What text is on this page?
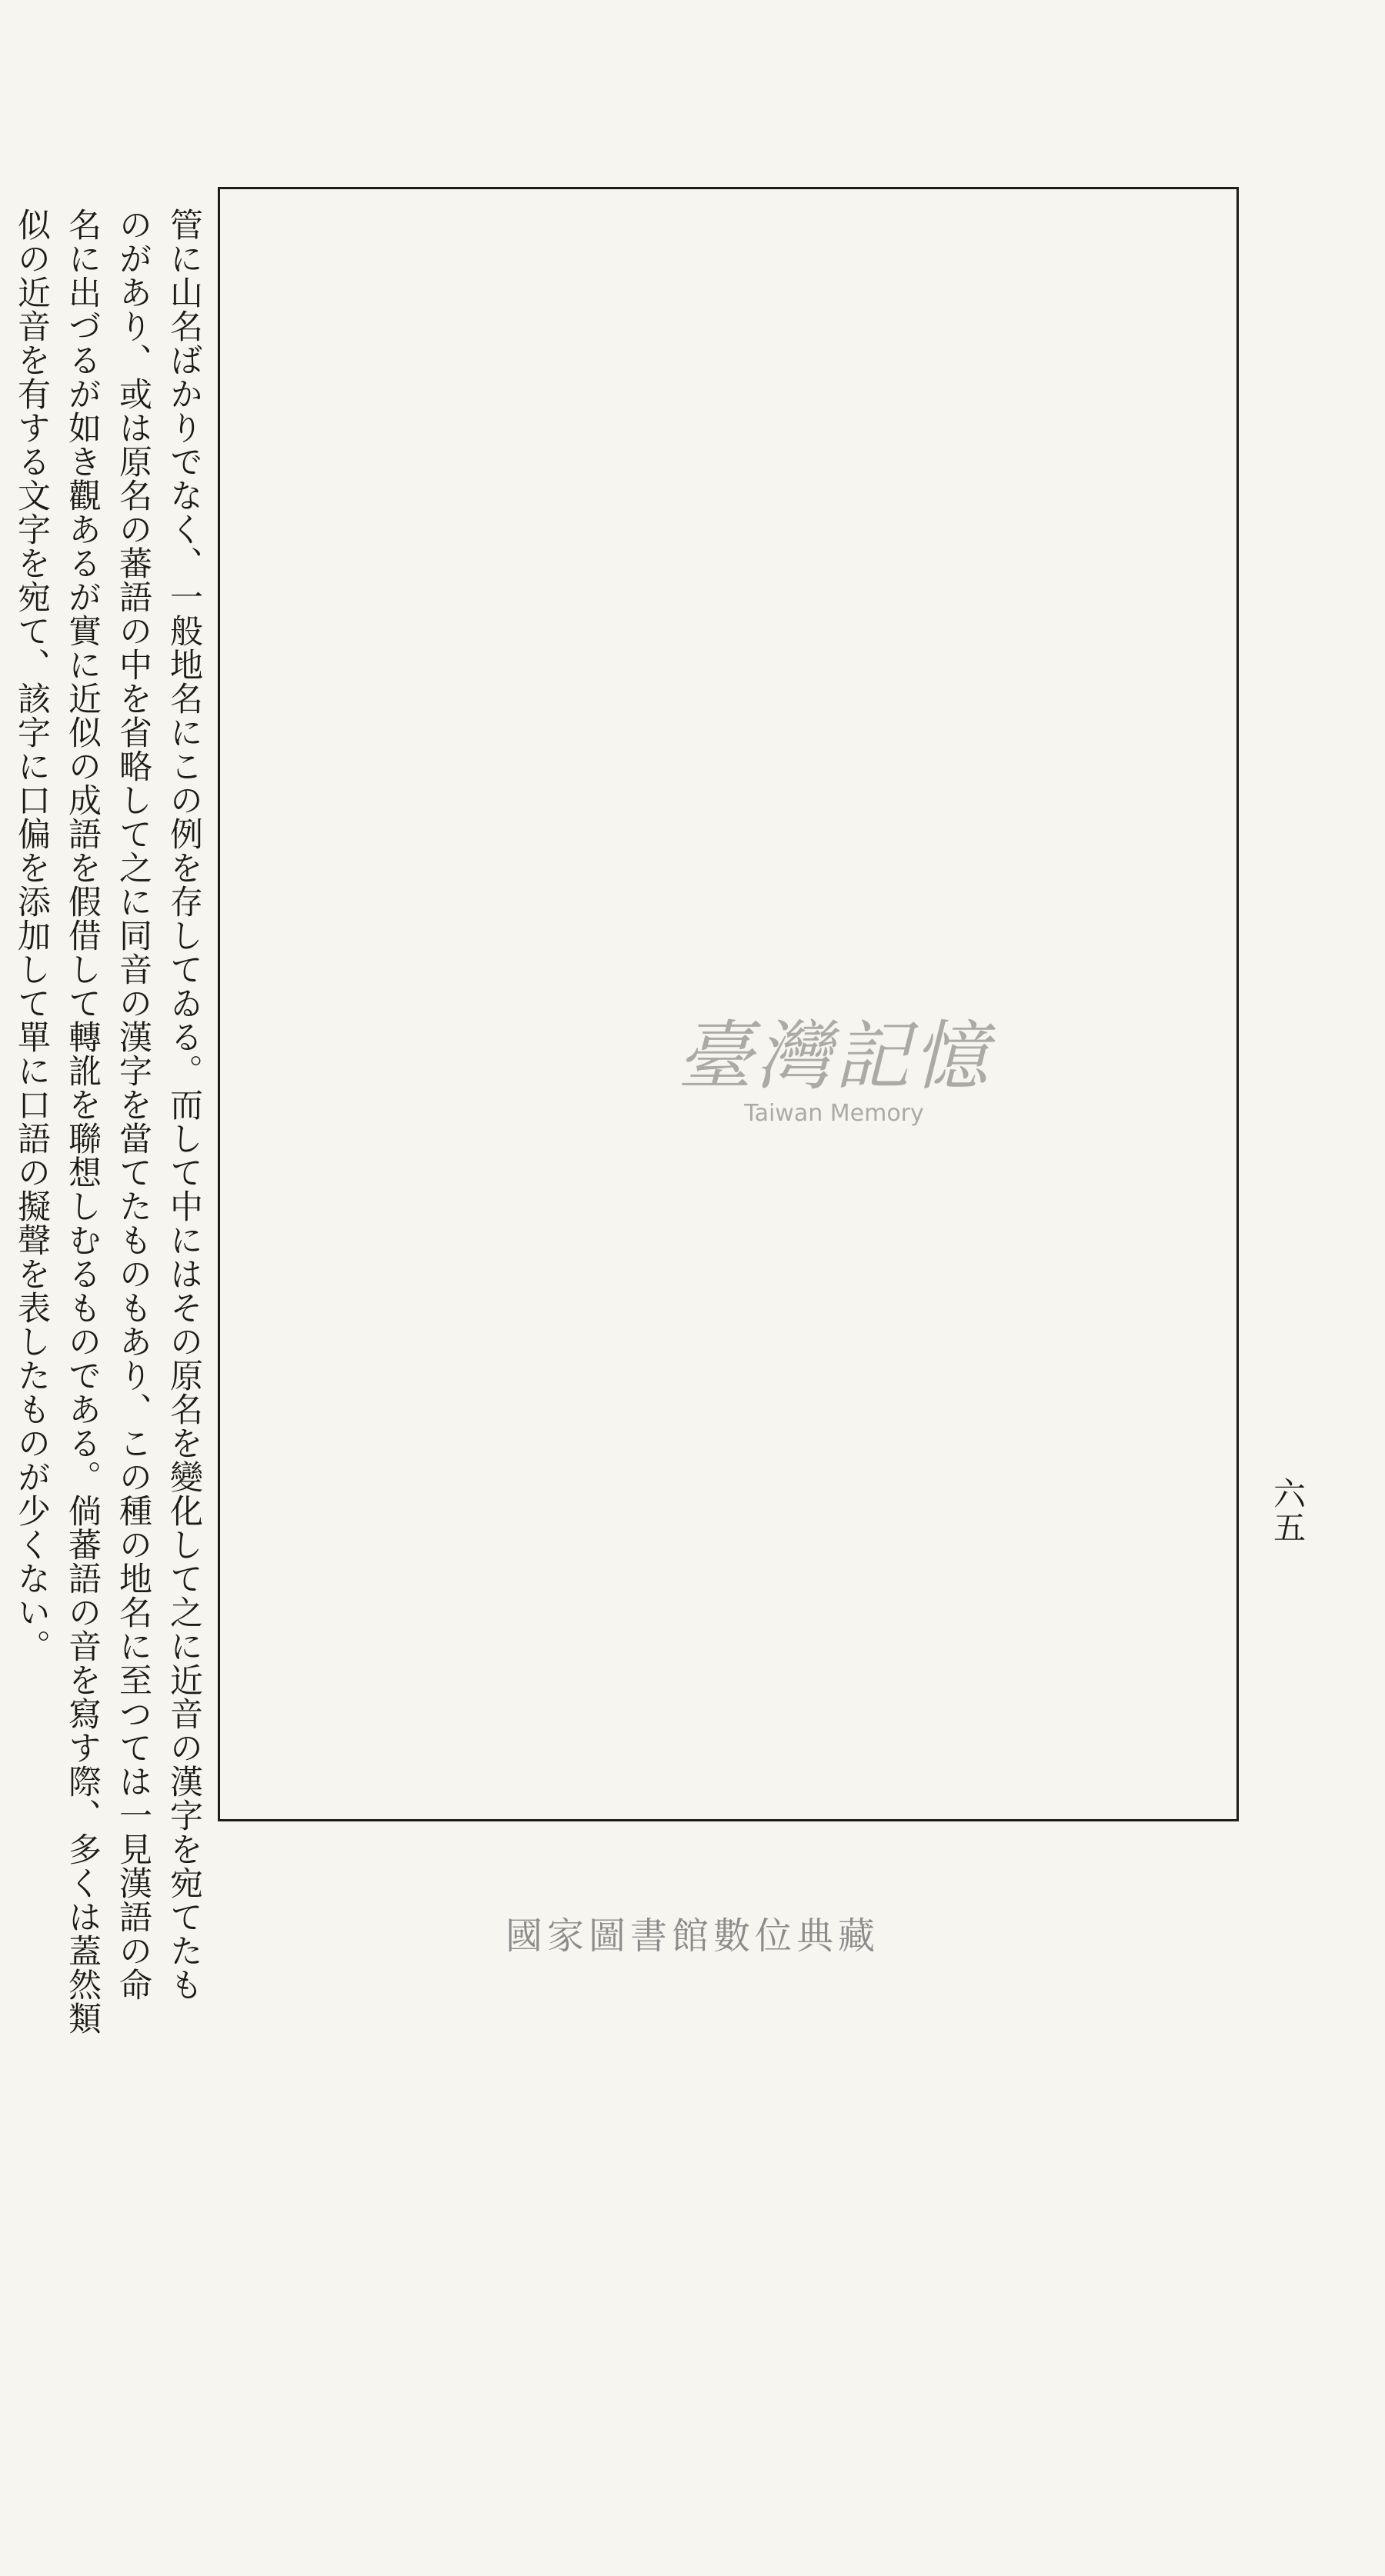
管に山名ばかりでなく、一般地名にこの例を存してゐる。而して中にはその原名を變化して之に近音の漢字を宛てたも
のがあり、或は原名の蕃語の中を省略して之に同音の漢字を當てたものもあり、この種の地名に至つては一見漢語の命
名に出づるが如き觀あるが實に近似の成語を假借して轉訛を聯想しむるものである。倘蕃語の音を寫す際、多くは蓋然類
似の近音を有する文字を宛て、該字に口偏を添加して單に口語の擬聲を表したものが少くない。	六五
臺灣記憶
Taiwan Memory
國家圖書館數位典藏
